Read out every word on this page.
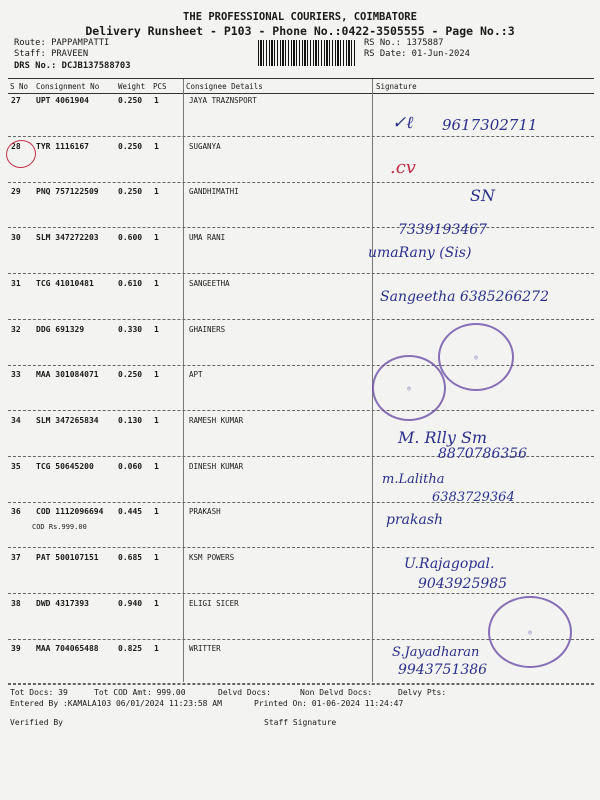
THE PROFESSIONAL COURIERS, COIMBATORE
Delivery Runsheet - P103 - Phone No.:0422-3505555 - Page No.:3
Route: PAPPAMPATTI
Staff: PRAVEEN
DRS No.: DCJB137588703
RS No.: 1375887
RS Date: 01-Jun-2024
S No Consignment No	Weight PCS	Consignee Details	Signature
27 UPT 4061904	0.250 1	JAYA TRAZNSPORT
28 TYR 1116167	0.250 1	SUGANYA
29 PNQ 757122509 0.250 1	GANDHIMATHI
30 SLM 347272203 0.600 1	UMA RANI
31 TCG 41010481	0.610 1	SANGEETHA
32 DDG 691329	0.330 1	GHAINERS
33 MAA 301084071 0.250 1	APT
34 SLM 347265834 0.130 1	RAMESH KUMAR
35 TCG 50645200	0.060 1	DINESH KUMAR
36 COD 1112096694 0.445 1	PRAKASH
COD Rs.999.00
37 PAT 500107151 0.685 1	KSM POWERS
38 DWD 4317393	0.940 1	ELIGI SICER
39 MAA 704065488 0.825 1	WRITTER
Tot Docs: 39	Tot COD Amt: 999.00	Delvd Docs:	Non Delvd Docs:	Delvy Pts:
Entered By :KAMALA103 06/01/2024 11:23:58 AM	Printed On: 01-06-2024 11:24:47
Verified By	Staff Signature
✓ℓ 9617302711
.cv
SN
7339193467
umaRany (Sis)
Sangeetha 6385266272
◎
◎
M. Rlly Sm
8870786356
m.Lalitha
6383729364
prakash
U.Rajagopal.
9043925985
◎
S.Jayadharan
9943751386
